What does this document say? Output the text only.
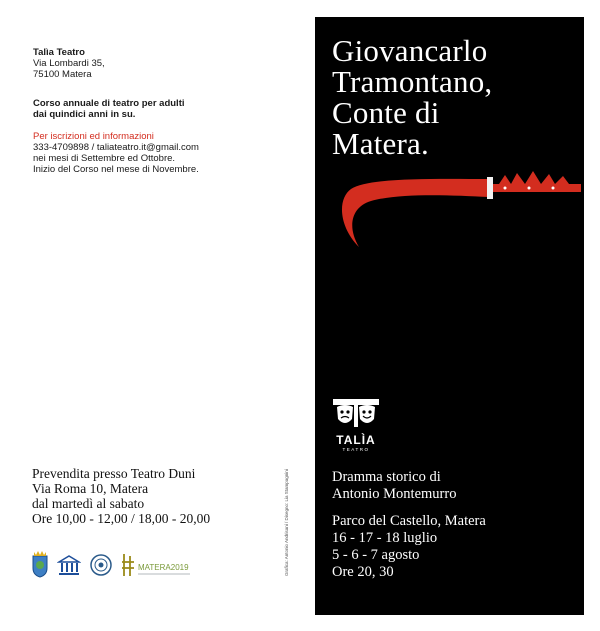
Talìa Teatro
Via Lombardi 35,
75100 Matera
Corso annuale di teatro per adulti
dai quindici anni in su.
Per iscrizioni ed informazioni
333-4709898 / taliateatro.it@gmail.com
nei mesi di Settembre ed Ottobre.
Inizio del Corso nel mese di Novembre.
Prevendita presso Teatro Duni
Via Roma 10, Matera
dal martedì al sabato
Ore 10,00 - 12,00 / 18,00 - 20,00	Grafica: Antonio Andrisani / Disegno: Lia Stampagnini
MATERA2019
Giovancarlo
Tramontano,
Conte di
Matera.
TALÌA
TEATRO
Dramma storico di
Antonio Montemurro
Parco del Castello, Matera
16 - 17 - 18 luglio
5 - 6 - 7 agosto
Ore 20, 30
